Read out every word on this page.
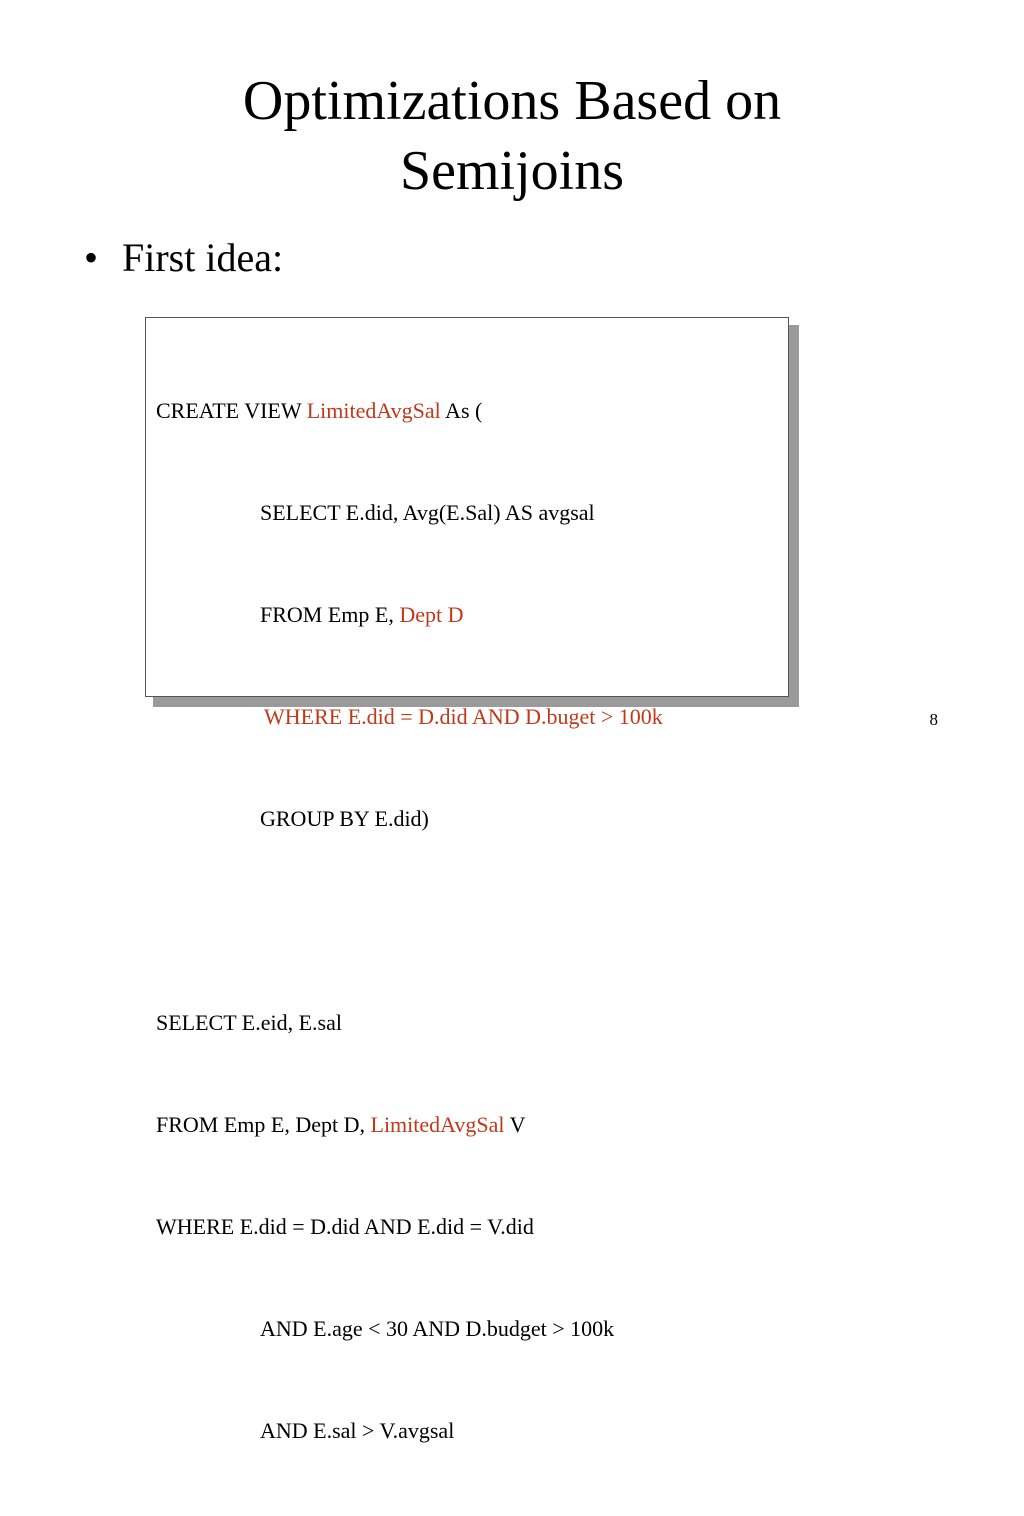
Optimizations Based on
Semijoins
• First idea:

CREATE VIEW LimitedAvgSal As (

SELECT E.did, Avg(E.Sal) AS avgsal

FROM Emp E, Dept D

WHERE E.did = D.did AND D.buget > 100k

GROUP BY E.did)

SELECT E.eid, E.sal

FROM Emp E, Dept D, LimitedAvgSal V

WHERE E.did = D.did AND E.did = V.did

AND E.age < 30 AND D.budget > 100k

AND E.sal > V.avgsal

8
